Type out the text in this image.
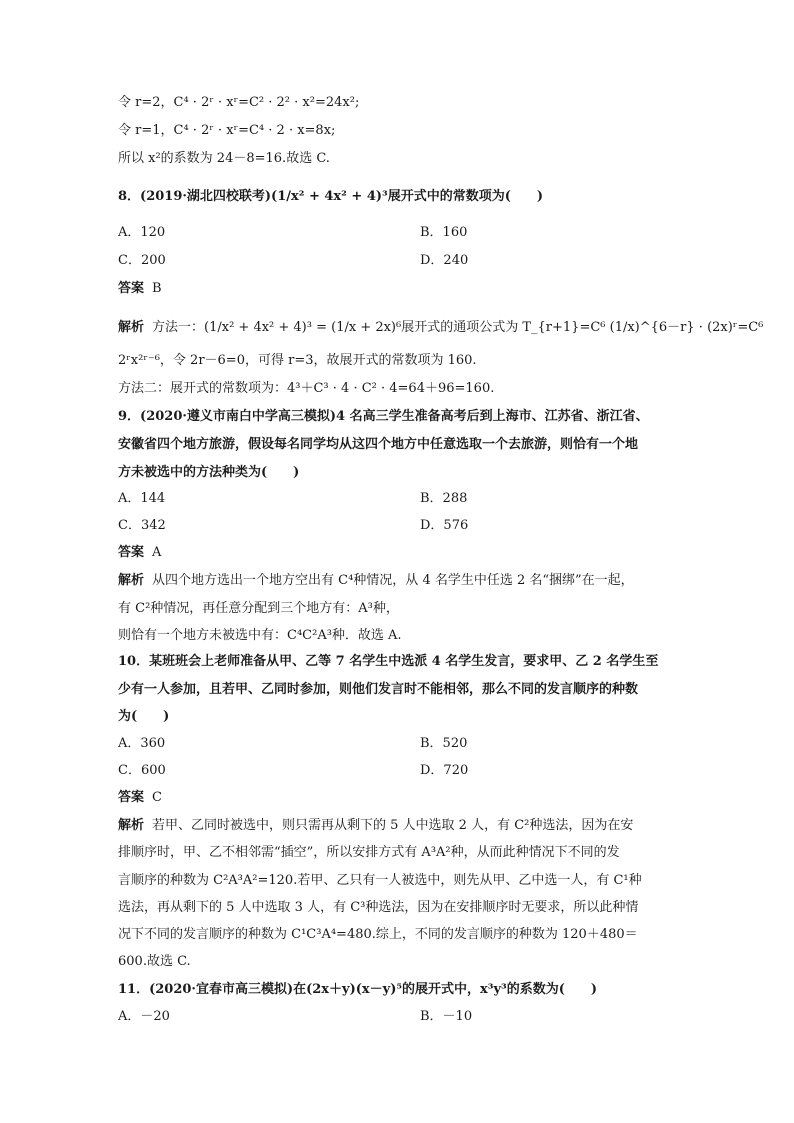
令 r=2，C⁴ · 2ʳ · xʳ=C² · 2² · x²=24x²;
令 r=1，C⁴ · 2ʳ · xʳ=C⁴ · 2 · x=8x;
所以 x²的系数为 24－8=16.故选 C.
8．(2019·湖北四校联考)(1/x² + 4x² + 4)³展开式中的常数项为(　　)
A．120	B．160
C．200	D．240
答案 B
解析 方法一：(1/x² + 4x² + 4)³ = (1/x + 2x)⁶展开式的通项公式为 T_{r+1}=C⁶ (1/x)^{6－r} · (2x)ʳ=C⁶
2ʳx²ʳ⁻⁶，令 2r－6=0，可得 r=3，故展开式的常数项为 160.
方法二：展开式的常数项为：4³＋C³ · 4 · C² · 4=64＋96=160.
9．(2020·遵义市南白中学高三模拟)4 名高三学生准备高考后到上海市、江苏省、浙江省、
安徽省四个地方旅游，假设每名同学均从这四个地方中任意选取一个去旅游，则恰有一个地
方未被选中的方法种类为(　　)
A．144	B．288
C．342	D．576
答案 A
解析 从四个地方选出一个地方空出有 C⁴种情况，从 4 名学生中任选 2 名“捆绑”在一起，
有 C²种情况，再任意分配到三个地方有：A³种，
则恰有一个地方未被选中有：C⁴C²A³种．故选 A.
10．某班班会上老师准备从甲、乙等 7 名学生中选派 4 名学生发言，要求甲、乙 2 名学生至
少有一人参加，且若甲、乙同时参加，则他们发言时不能相邻，那么不同的发言顺序的种数
为(　　)
A．360	B．520
C．600	D．720
答案 C
解析 若甲、乙同时被选中，则只需再从剩下的 5 人中选取 2 人，有 C²种选法，因为在安
排顺序时，甲、乙不相邻需“插空”，所以安排方式有 A³A²种，从而此种情况下不同的发
言顺序的种数为 C²A³A²=120.若甲、乙只有一人被选中，则先从甲、乙中选一人，有 C¹种
选法，再从剩下的 5 人中选取 3 人，有 C³种选法，因为在安排顺序时无要求，所以此种情
况下不同的发言顺序的种数为 C¹C³A⁴=480.综上，不同的发言顺序的种数为 120＋480＝
600.故选 C.
11．(2020·宜春市高三模拟)在(2x＋y)(x－y)⁵的展开式中，x³y³的系数为(　　)
A．－20	B．－10
